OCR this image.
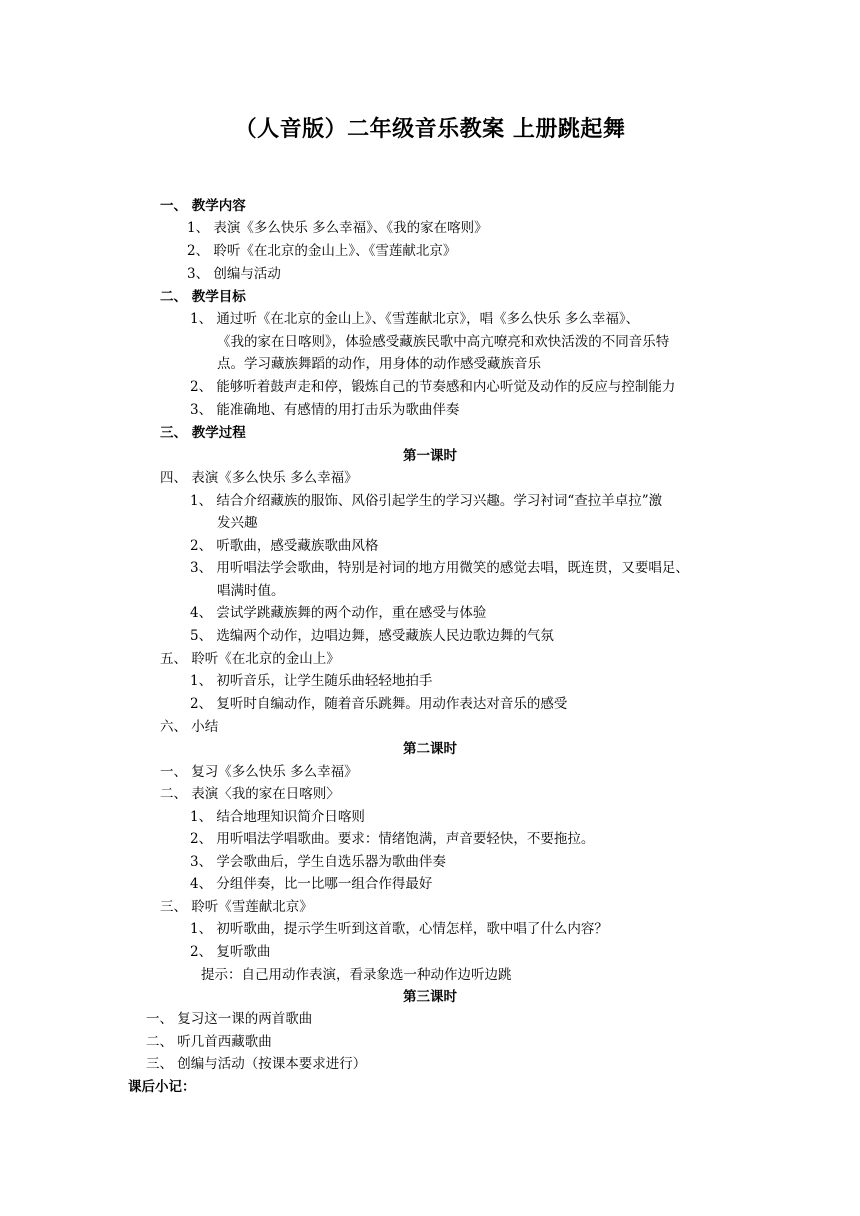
（人音版）二年级音乐教案 上册跳起舞
一、 教学内容
1、 表演《多么快乐 多么幸福》、《我的家在喀则》
2、 聆听《在北京的金山上》、《雪莲献北京》
3、 创编与活动
二、 教学目标
1、 通过听《在北京的金山上》、《雪莲献北京》，唱《多么快乐 多么幸福》、
《我的家在日喀则》，体验感受藏族民歌中高亢嘹亮和欢快活泼的不同音乐特
点。学习藏族舞蹈的动作，用身体的动作感受藏族音乐
2、 能够听着鼓声走和停，锻炼自己的节奏感和内心听觉及动作的反应与控制能力
3、 能准确地、有感情的用打击乐为歌曲伴奏
三、 教学过程
第一课时
四、 表演《多么快乐 多么幸福》
1、 结合介绍藏族的服饰、风俗引起学生的学习兴趣。学习衬词“查拉羊卓拉”激
发兴趣
2、 听歌曲，感受藏族歌曲风格
3、 用听唱法学会歌曲，特别是衬词的地方用微笑的感觉去唱，既连贯，又要唱足、
唱满时值。
4、 尝试学跳藏族舞的两个动作，重在感受与体验
5、 选编两个动作，边唱边舞，感受藏族人民边歌边舞的气氛
五、 聆听《在北京的金山上》
1、 初听音乐，让学生随乐曲轻轻地拍手
2、 复听时自编动作，随着音乐跳舞。用动作表达对音乐的感受
六、 小结
第二课时
一、 复习《多么快乐 多么幸福》
二、 表演〈我的家在日喀则〉
1、 结合地理知识简介日喀则
2、 用听唱法学唱歌曲。要求：情绪饱满，声音要轻快，不要拖拉。
3、 学会歌曲后，学生自选乐器为歌曲伴奏
4、 分组伴奏，比一比哪一组合作得最好
三、 聆听《雪莲献北京》
1、 初听歌曲，提示学生听到这首歌，心情怎样，歌中唱了什么内容？
2、 复听歌曲
提示：自己用动作表演，看录象选一种动作边听边跳
第三课时
一、 复习这一课的两首歌曲
二、 听几首西藏歌曲
三、 创编与活动（按课本要求进行）
课后小记：
